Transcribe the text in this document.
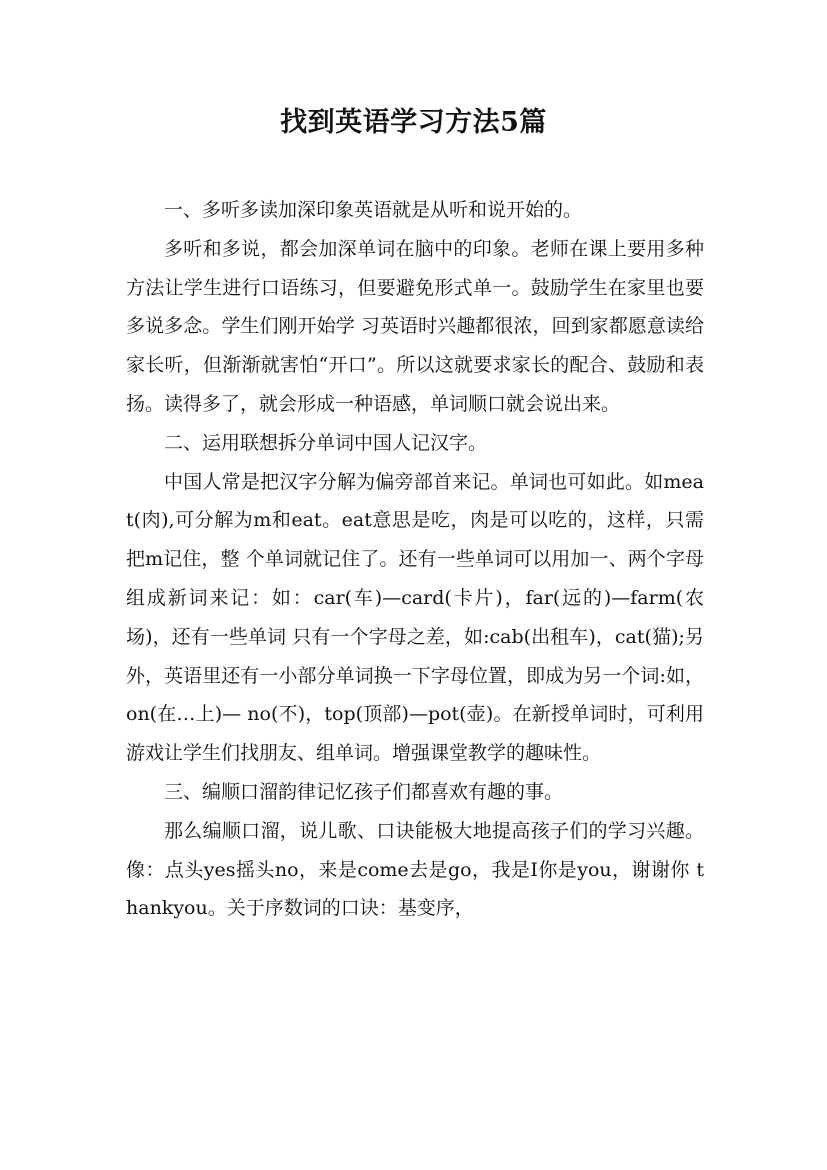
找到英语学习方法5篇

一、多听多读加深印象英语就是从听和说开始的。

多听和多说，都会加深单词在脑中的印象。老师在课上要用多种方法让学生进行口语练习，但要避免形式单一。鼓励学生在家里也要多说多念。学生们刚开始学 习英语时兴趣都很浓，回到家都愿意读给家长听，但渐渐就害怕“开口”。所以这就要求家长的配合、鼓励和表扬。读得多了，就会形成一种语感，单词顺口就会说出来。

二、运用联想拆分单词中国人记汉字。

中国人常是把汉字分解为偏旁部首来记。单词也可如此。如meat(肉),可分解为m和eat。eat意思是吃，肉是可以吃的，这样，只需把m记住，整 个单词就记住了。还有一些单词可以用加一、两个字母组成新词来记：如：car(车)—card(卡片)，far(远的)—farm(农场)，还有一些单词 只有一个字母之差，如:cab(出租车)，cat(猫);另外，英语里还有一小部分单词换一下字母位置，即成为另一个词:如，on(在…上)— no(不)，top(顶部)—pot(壶)。在新授单词时，可利用游戏让学生们找朋友、组单词。增强课堂教学的趣味性。

三、编顺口溜韵律记忆孩子们都喜欢有趣的事。

那么编顺口溜，说儿歌、口诀能极大地提高孩子们的学习兴趣。像：点头yes摇头no，来是come去是go，我是I你是you，谢谢你 thankyou。关于序数词的口诀：基变序，
